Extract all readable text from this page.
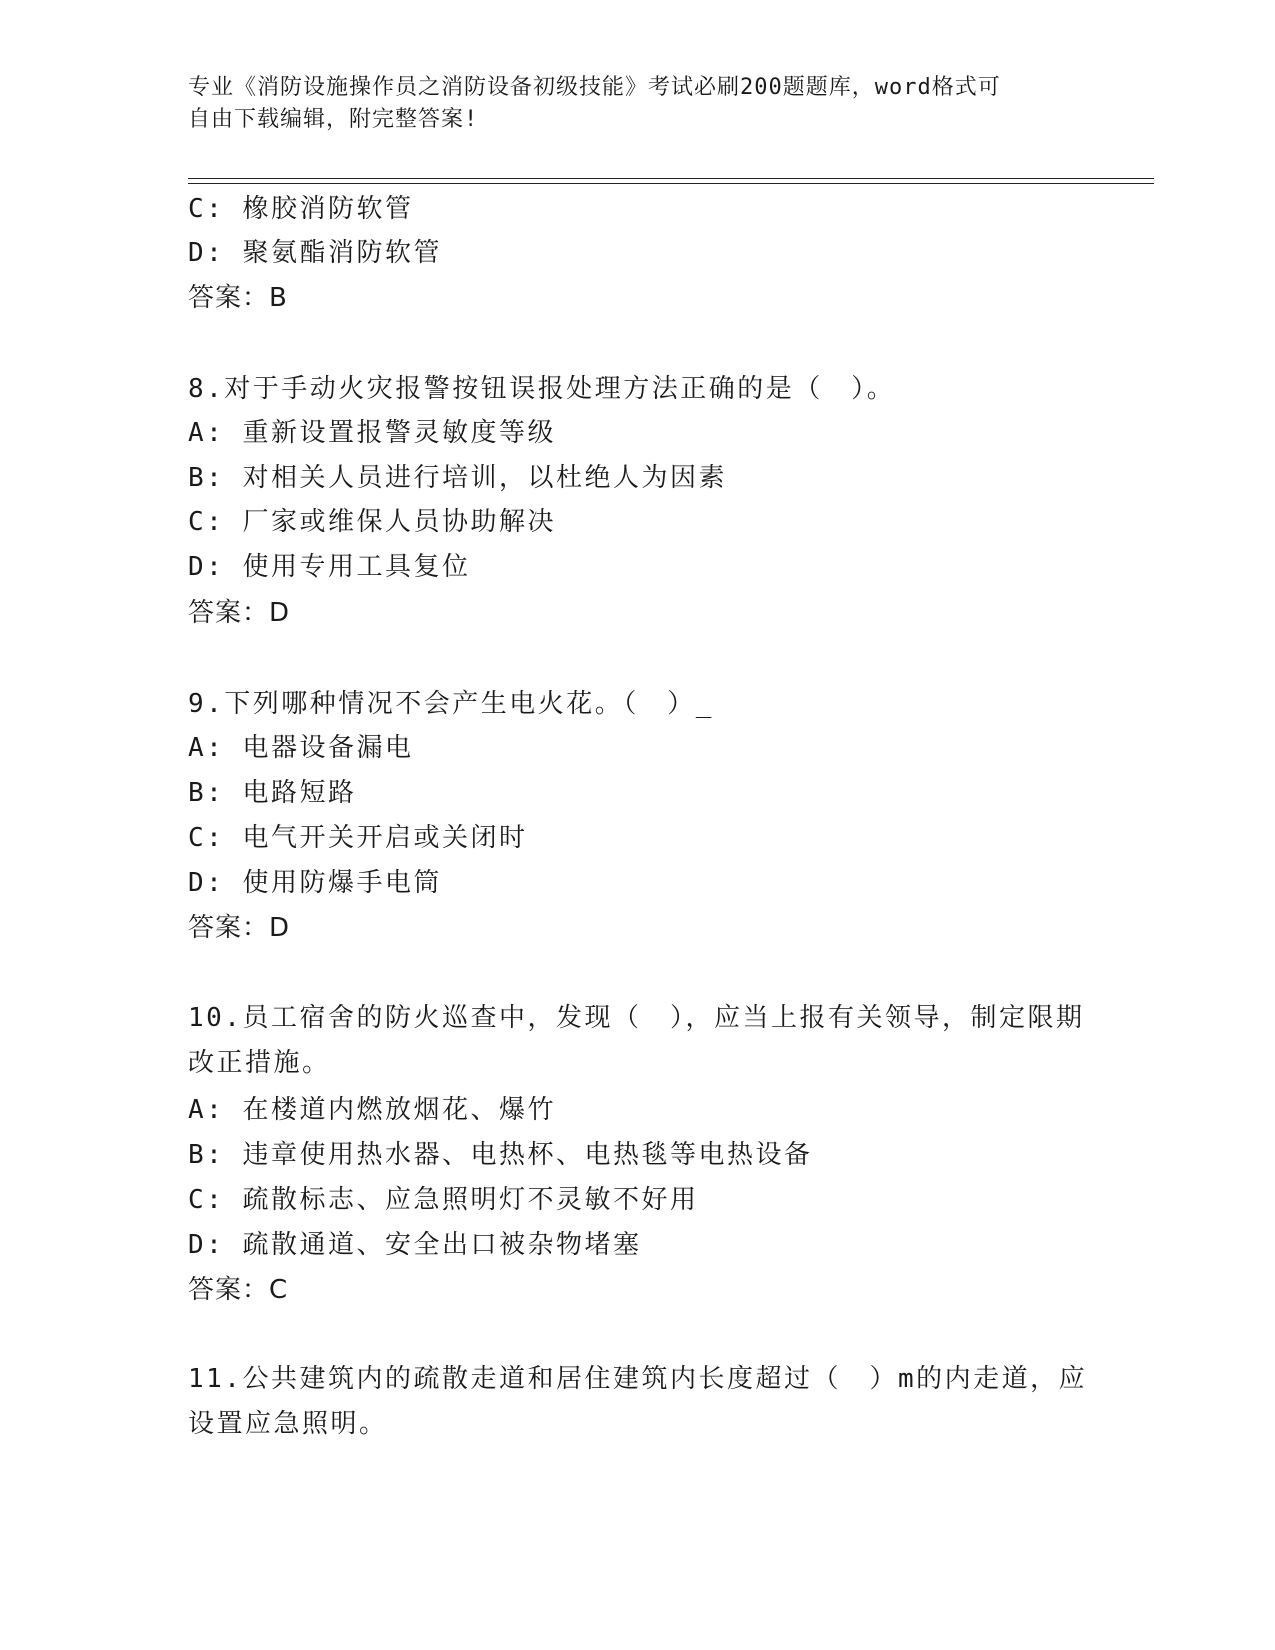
专业《消防设施操作员之消防设备初级技能》考试必刷200题题库，word格式可
自由下载编辑，附完整答案!
C: 橡胶消防软管
D: 聚氨酯消防软管
答案：B
8.对于手动火灾报警按钮误报处理方法正确的是（　）。
A: 重新设置报警灵敏度等级
B: 对相关人员进行培训，以杜绝人为因素
C: 厂家或维保人员协助解决
D: 使用专用工具复位
答案：D
9.下列哪种情况不会产生电火花。（　）_
A: 电器设备漏电
B: 电路短路
C: 电气开关开启或关闭时
D: 使用防爆手电筒
答案：D
10.员工宿舍的防火巡查中，发现（　），应当上报有关领导，制定限期改正措施。
A: 在楼道内燃放烟花、爆竹
B: 违章使用热水器、电热杯、电热毯等电热设备
C: 疏散标志、应急照明灯不灵敏不好用
D: 疏散通道、安全出口被杂物堵塞
答案：C
11.公共建筑内的疏散走道和居住建筑内长度超过（　）m的内走道，应设置应急照明。
